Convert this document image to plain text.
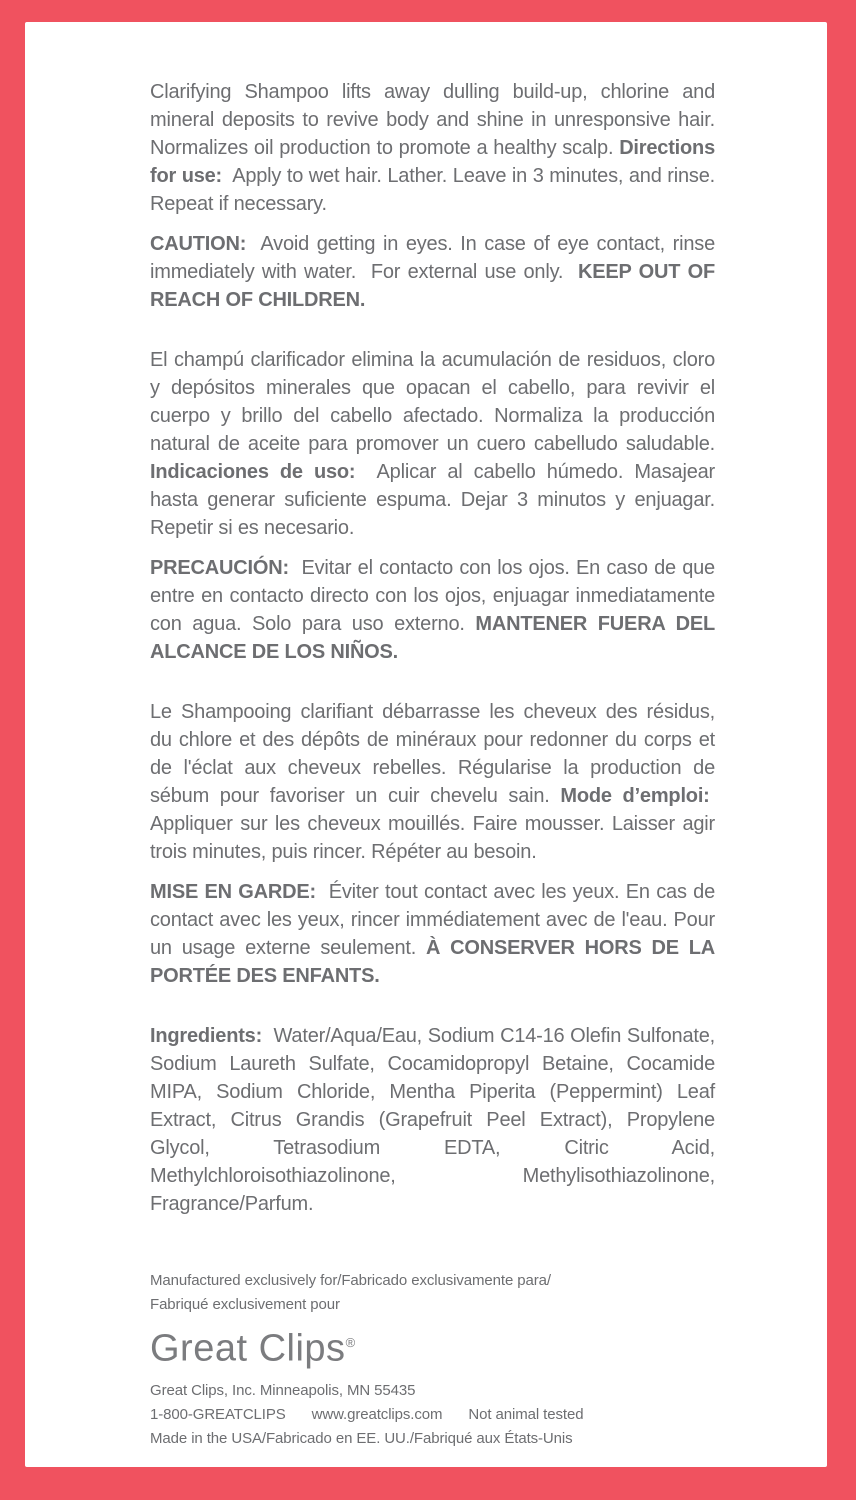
Clarifying Shampoo lifts away dulling build-up, chlorine and mineral deposits to revive body and shine in unresponsive hair. Normalizes oil production to promote a healthy scalp. Directions for use:  Apply to wet hair. Lather. Leave in 3 minutes, and rinse. Repeat if necessary.

CAUTION:  Avoid getting in eyes. In case of eye contact, rinse immediately with water.  For external use only.  KEEP OUT OF REACH OF CHILDREN.

El champú clarificador elimina la acumulación de residuos, cloro y depósitos minerales que opacan el cabello, para revivir el cuerpo y brillo del cabello afectado. Normaliza la producción natural de aceite para promover un cuero cabelludo saludable. Indicaciones de uso:  Aplicar al cabello húmedo. Masajear hasta generar suficiente espuma. Dejar 3 minutos y enjuagar. Repetir si es necesario.

PRECAUCIÓN:  Evitar el contacto con los ojos. En caso de que entre en contacto directo con los ojos, enjuagar inmediatamente con agua. Solo para uso externo. MANTENER FUERA DEL ALCANCE DE LOS NIÑOS.

Le Shampooing clarifiant débarrasse les cheveux des résidus, du chlore et des dépôts de minéraux pour redonner du corps et de l'éclat aux cheveux rebelles. Régularise la production de sébum pour favoriser un cuir chevelu sain. Mode d’emploi:  Appliquer sur les cheveux mouillés. Faire mousser. Laisser agir trois minutes, puis rincer. Répéter au besoin.

MISE EN GARDE:  Éviter tout contact avec les yeux. En cas de contact avec les yeux, rincer immédiatement avec de l'eau. Pour un usage externe seulement. À CONSERVER HORS DE LA PORTÉE DES ENFANTS.

Ingredients:  Water/Aqua/Eau, Sodium C14-16 Olefin Sulfonate, Sodium Laureth Sulfate, Cocamidopropyl Betaine, Cocamide MIPA, Sodium Chloride, Mentha Piperita (Peppermint) Leaf Extract, Citrus Grandis (Grapefruit Peel Extract), Propylene Glycol, Tetrasodium EDTA, Citric Acid, Methylchloroisothiazolinone, Methylisothiazolinone, Fragrance/Parfum.

Manufactured exclusively for/Fabricado exclusivamente para/
Fabriqué exclusivement pour
Great Clips®
Great Clips, Inc. Minneapolis, MN 55435
1-800-GREATCLIPS www.greatclips.com Not animal tested
Made in the USA/Fabricado en EE. UU./Fabriqué aux États-Unis
